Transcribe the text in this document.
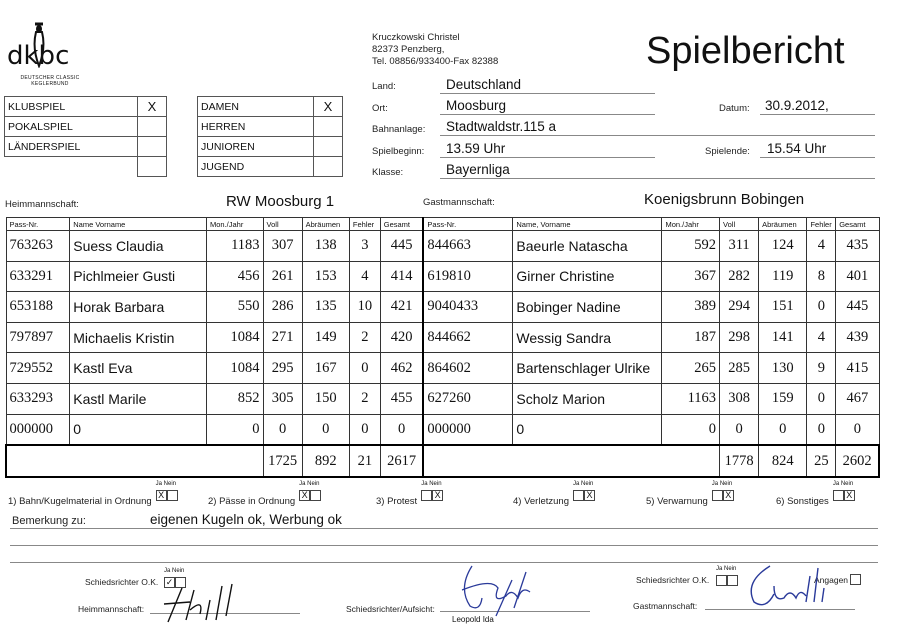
dkbc
DEUTSCHER CLASSIC
KEGLERBUND
Kruczkowski Christel
82373 Penzberg,
Tel. 08856/933400-Fax 82388	Spielbericht
KLUBSPIEL	X
POKALSPIEL	
LÄNDERSPIEL	

DAMEN	X
HERREN	
JUNIOREN	
JUGEND	
Land:	Deutschland
Ort:	Moosburg	Datum: 30.9.2012,
Bahnanlage: Stadtwaldstr.115 a
Spielbeginn: 13.59 Uhr	Spielende: 15.54 Uhr
Klasse:	Bayernliga
Heimmannschaft:	RW Moosburg 1	Gastmannschaft:	Koenigsbrunn Bobingen
Pass-Nr.	Name Vorname	Mon./Jahr	Voll	Abräumen	Fehler	Gesamt	Pass-Nr.	Name, Vorname	Mon./Jahr	Voll	Abräumen	Fehler	Gesamt
763263	Suess Claudia	1183	307	138	3	445	844663	Baeurle Natascha	592	311	124	4	435
633291	Pichlmeier Gusti	456	261	153	4	414	619810	Girner Christine	367	282	119	8	401
653188	Horak Barbara	550	286	135	10	421	9040433	Bobinger Nadine	389	294	151	0	445
797897	Michaelis Kristin	1084	271	149	2	420	844662	Wessig Sandra	187	298	141	4	439
729552	Kastl Eva	1084	295	167	0	462	864602	Bartenschlager Ulrike	265	285	130	9	415
633293	Kastl Marile	852	305	150	2	455	627260	Scholz Marion	1163	308	159	0	467
000000	0	0	0	0	0	0	000000	0	0	0	0	0	0
			1725	892	21	2617				1778	824	25	2602
$_{1) Bahn/Kugelmaterial in Ordnung}$
Ja Nein
X
$_{2) Pässe in Ordnung}$
Ja Nein
X
$_{3) Protest}$
Ja Nein
X
$_{4) Verletzung}$
Ja Nein
X
$_{5) Verwarnung}$
Ja Nein
X
$_{6) Sonstiges}$
Ja Nein
X
Bemerkung zu:	eigenen Kugeln ok, Werbung ok
Schiedsrichter O.K.
Ja Nein
✓	Schiedsrichter O.K.
Ja Nein
Angagen
Heimmannschaft:	Schiedsrichter/Aufsicht:
Leopold Ida
Gastmannschaft:
